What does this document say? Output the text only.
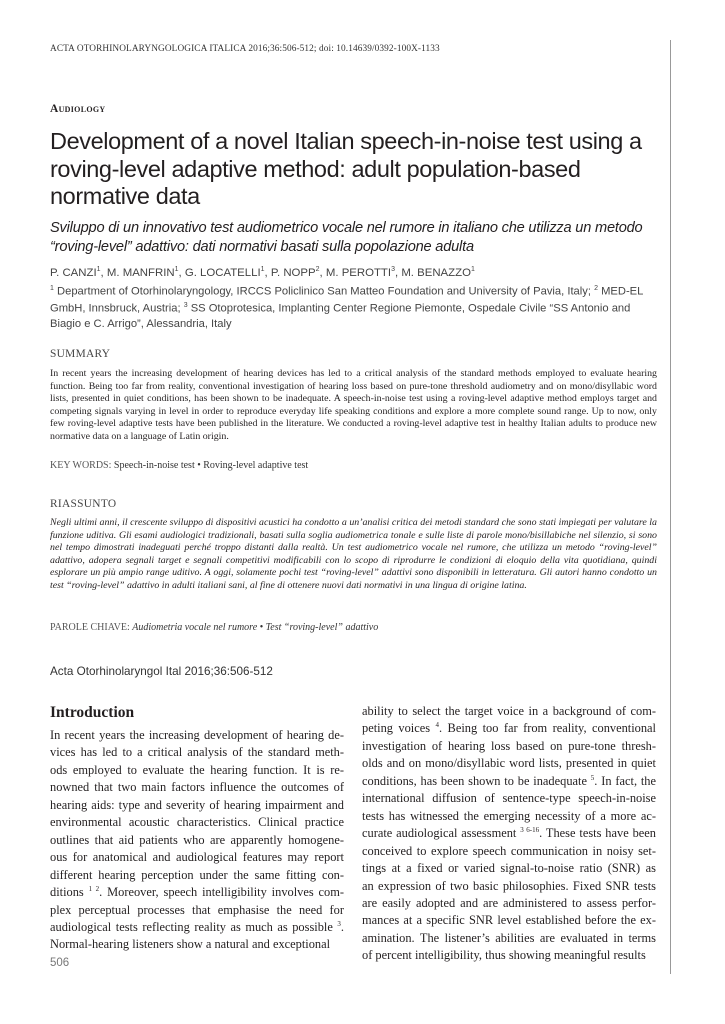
ACTA OTORHINOLARYNGOLOGICA ITALICA 2016;36:506-512; doi: 10.14639/0392-100X-1133
Audiology
Development of a novel Italian speech-in-noise test using a roving-level adaptive method: adult population-based normative data

Sviluppo di un innovativo test audiometrico vocale nel rumore in italiano che utilizza un metodo “roving-level” adattivo: dati normativi basati sulla popolazione adulta

P. CANZI$^1$, M. MANFRIN$^1$, G. LOCATELLI$^1$, P. NOPP$^2$, M. PEROTTI$^3$, M. BENAZZO$^1$

$^1$ Department of Otorhinolaryngology, IRCCS Policlinico San Matteo Foundation and University of Pavia, Italy; $^2$ MED-EL GmbH, Innsbruck, Austria; $^3$ SS Otoprotesica, Implanting Center Regione Piemonte, Ospedale Civile “SS Antonio and Biagio e C. Arrigo”, Alessandria, Italy

SUMMARY

In recent years the increasing development of hearing devices has led to a critical analysis of the standard methods employed to evaluate hearing function. Being too far from reality, conventional investigation of hearing loss based on pure-tone threshold audiometry and on mono/disyllabic word lists, presented in quiet conditions, has been shown to be inadequate. A speech-in-noise test using a roving-level adaptive method employs target and competing signals varying in level in order to reproduce everyday life speaking conditions and explore a more complete sound range. Up to now, only few roving-level adaptive tests have been published in the literature. We conducted a roving-level adaptive test in healthy Italian adults to produce new normative data on a language of Latin origin.

KEY WORDS: Speech-in-noise test • Roving-level adaptive test
RIASSUNTO

Negli ultimi anni, il crescente sviluppo di dispositivi acustici ha condotto a un’analisi critica dei metodi standard che sono stati impiegati per valutare la funzione uditiva. Gli esami audiologici tradizionali, basati sulla soglia audiometrica tonale e sulle liste di parole mono/bisillabiche nel silenzio, si sono nel tempo dimostrati inadeguati perché troppo distanti dalla realtà. Un test audiometrico vocale nel rumore, che utilizza un metodo “roving-level” adattivo, adopera segnali target e segnali competitivi modificabili con lo scopo di riprodurre le condizioni di eloquio della vita quotidiana, quindi esplorare un più ampio range uditivo. A oggi, solamente pochi test “roving-level” adattivi sono disponibili in letteratura. Gli autori hanno condotto un test “roving-level” adattivo in adulti italiani sani, al fine di ottenere nuovi dati normativi in una lingua di origine latina.

PAROLE CHIAVE: Audiometria vocale nel rumore • Test “roving-level” adattivo
Acta Otorhinolaryngol Ital 2016;36:506-512
Introduction
In recent years the increasing development of hearing de-
vices has led to a critical analysis of the standard meth-
ods employed to evaluate the hearing function. It is re-
nowned that two main factors influence the outcomes of
hearing aids: type and severity of hearing impairment and
environmental acoustic characteristics. Clinical practice
outlines that aid patients who are apparently homogene-
ous for anatomical and audiological features may report
different hearing perception under the same fitting con-
ditions $^{1 2}$. Moreover, speech intelligibility involves com-
plex perceptual processes that emphasise the need for
audiological tests reflecting reality as much as possible $^3$.
Normal-hearing listeners show a natural and exceptional
ability to select the target voice in a background of com-
peting voices $^4$. Being too far from reality, conventional
investigation of hearing loss based on pure-tone thresh-
olds and on mono/disyllabic word lists, presented in quiet
conditions, has been shown to be inadequate $^5$. In fact, the
international diffusion of sentence-type speech-in-noise
tests has witnessed the emerging necessity of a more ac-
curate audiological assessment $^{3 6-16}$. These tests have been
conceived to explore speech communication in noisy set-
tings at a fixed or varied signal-to-noise ratio (SNR) as
an expression of two basic philosophies. Fixed SNR tests
are easily adopted and are administered to assess perfor-
mances at a specific SNR level established before the ex-
amination. The listener’s abilities are evaluated in terms
of percent intelligibility, thus showing meaningful results
506
